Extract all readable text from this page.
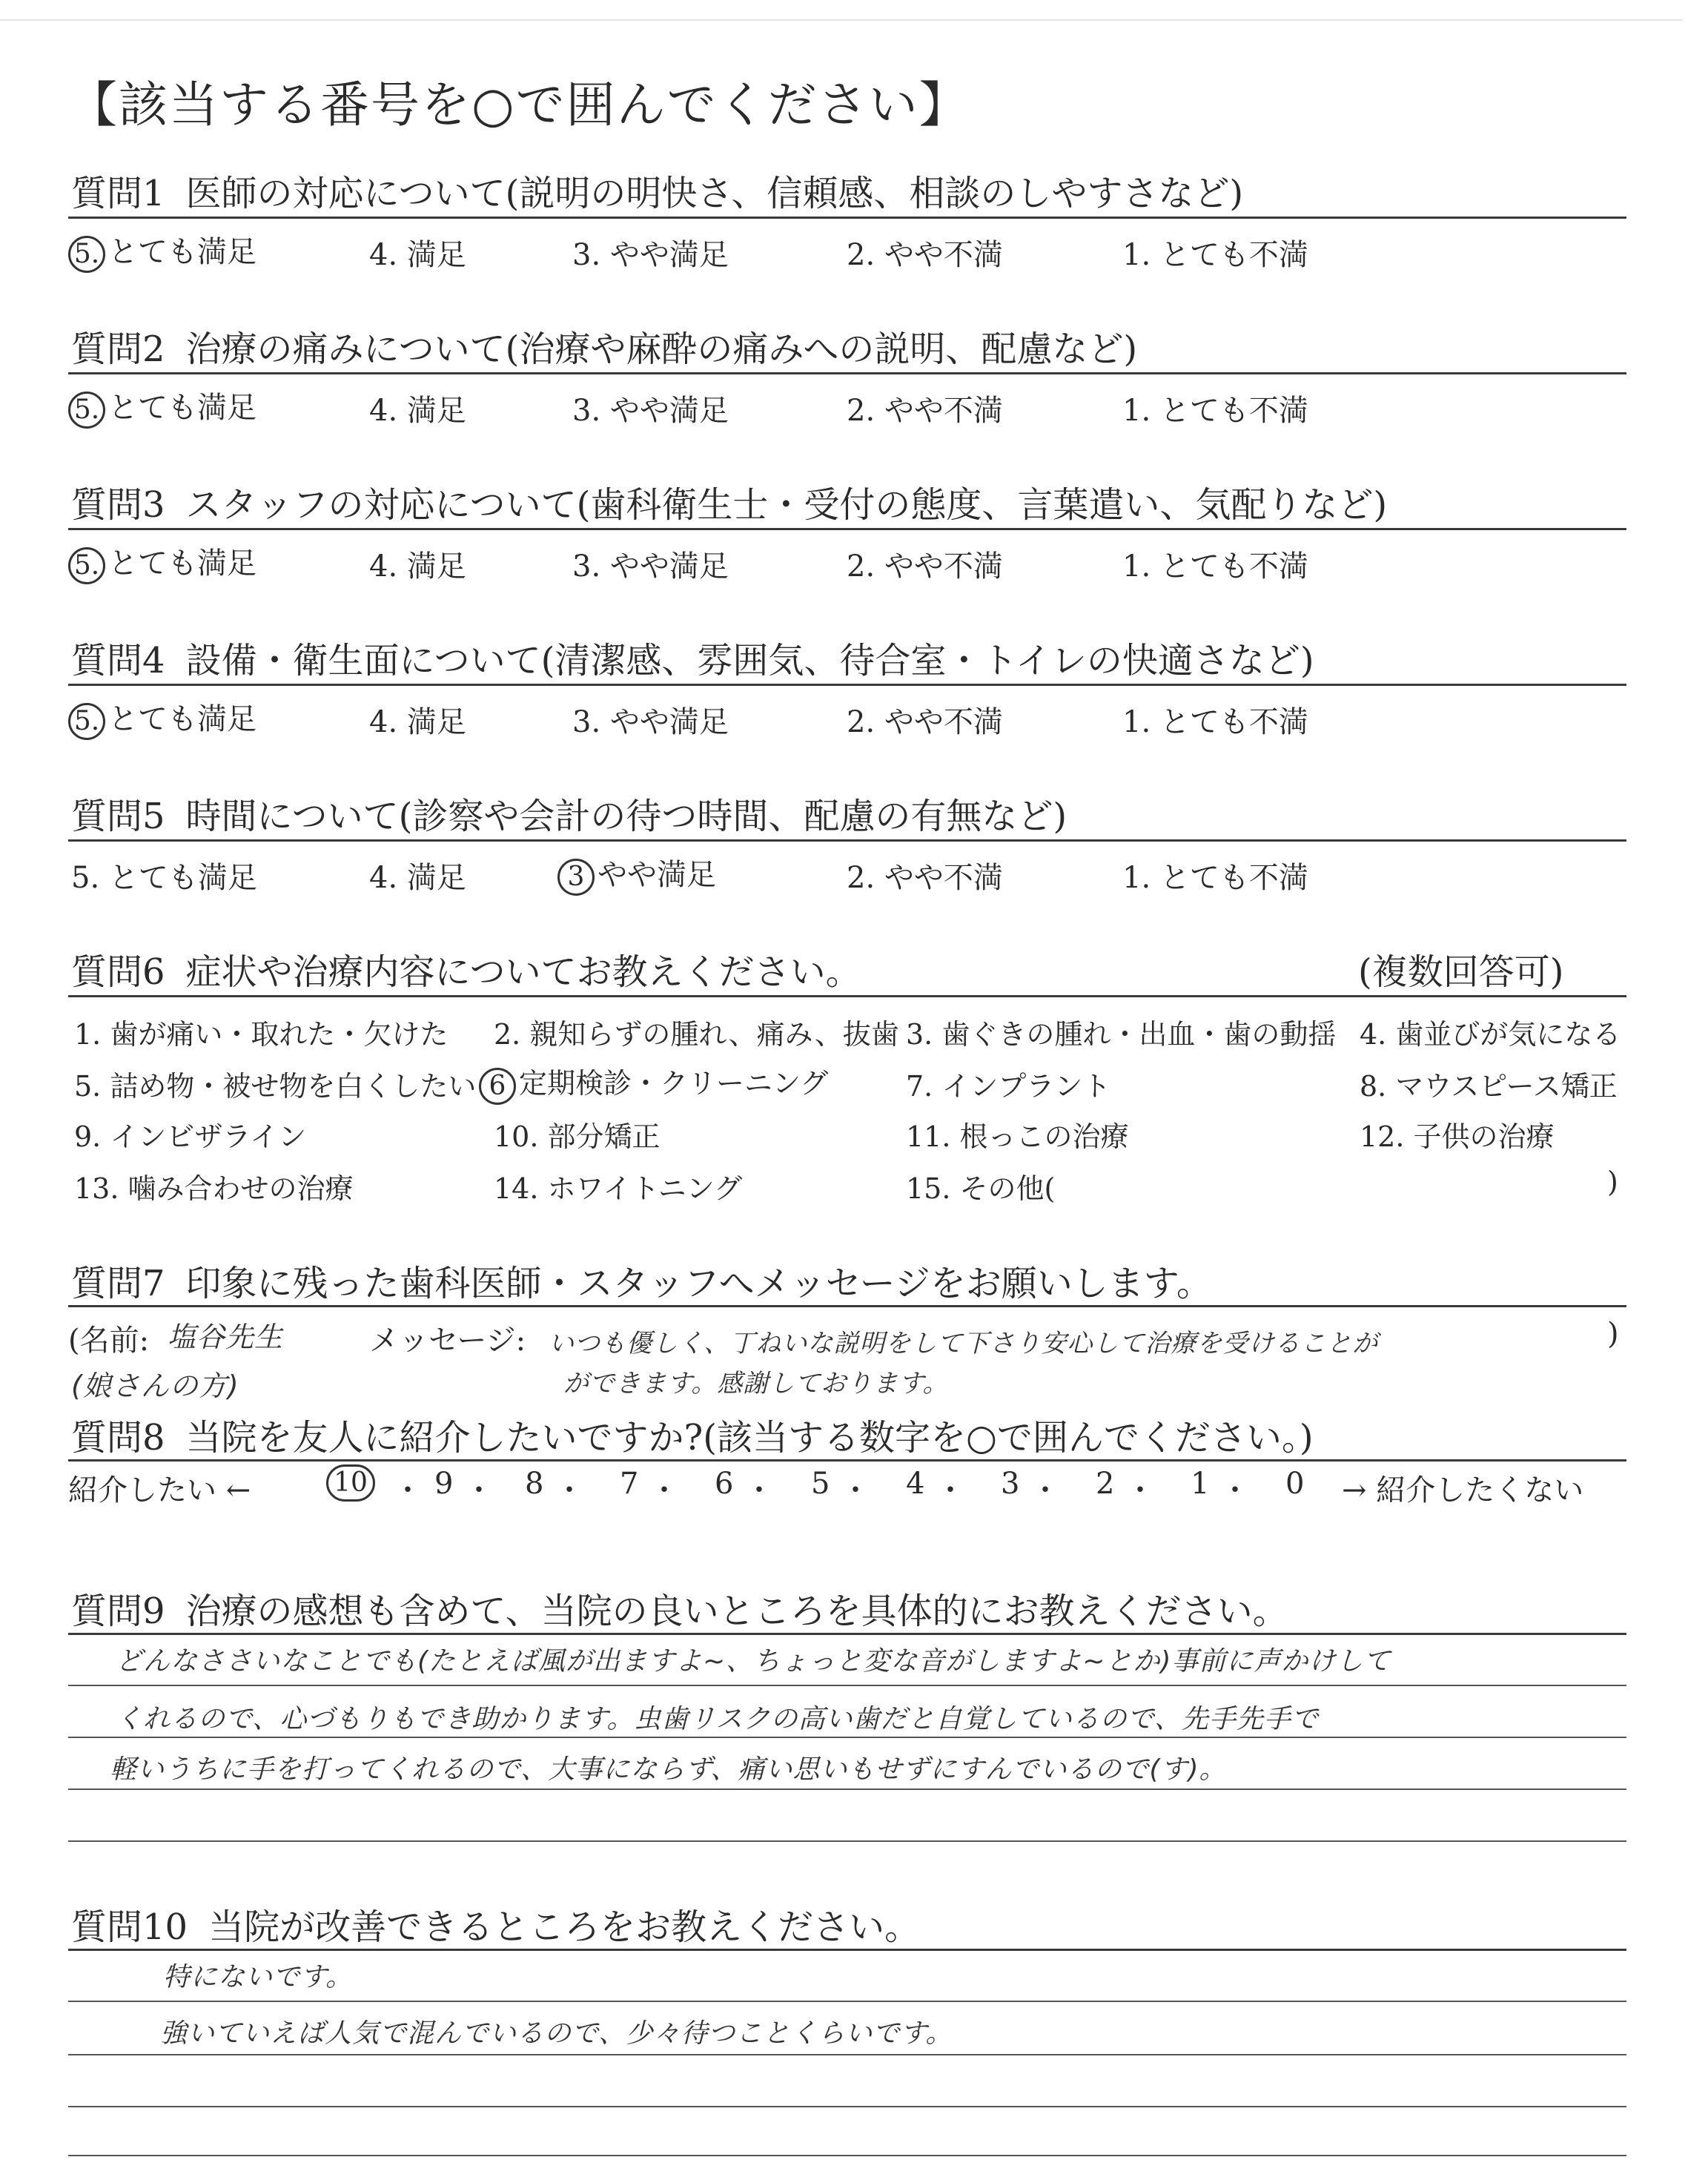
【該当する番号を○で囲んでください】
質問1 医師の対応について(説明の明快さ、信頼感、相談のしやすさなど)
5. とても満足	4. 満足	3. やや満足	2. やや不満	1. とても不満
質問2 治療の痛みについて(治療や麻酔の痛みへの説明、配慮など)
5. とても満足	4. 満足	3. やや満足	2. やや不満	1. とても不満
質問3 スタッフの対応について(歯科衛生士・受付の態度、言葉遣い、気配りなど)
5. とても満足	4. 満足	3. やや満足	2. やや不満	1. とても不満
質問4 設備・衛生面について(清潔感、雰囲気、待合室・トイレの快適さなど)
5. とても満足	4. 満足	3. やや満足	2. やや不満	1. とても不満
質問5 時間について(診察や会計の待つ時間、配慮の有無など)
5. とても満足	4. 満足	3 やや満足	2. やや不満	1. とても不満
質問6 症状や治療内容についてお教えください。	(複数回答可)
1. 歯が痛い・取れた・欠けた 2. 親知らずの腫れ、痛み、抜歯 3. 歯ぐきの腫れ・出血・歯の動揺 4. 歯並びが気になる
5. 詰め物・被せ物を白くしたい 6 定期検診・クリーニング	7. インプラント	8. マウスピース矯正
9. インビザライン	10. 部分矯正	11. 根っこの治療	12. 子供の治療
13. 噛み合わせの治療	14. ホワイトニング	15. その他(	)
質問7 印象に残った歯科医師・スタッフへメッセージをお願いします。
(名前: 塩谷先生
(娘さんの方)
メッセージ: いつも優しく、丁ねいな説明をして下さり安心して治療を受けることが
ができます。感謝しております。
)
質問8 当院を友人に紹介したいですか?(該当する数字を○で囲んでください。)
紹介したい ←	10 ・ 9 ・ 8 ・ 7 ・ 6 ・ 5 ・ 4 ・ 3 ・ 2 ・ 1 ・ 0 → 紹介したくない
質問9 治療の感想も含めて、当院の良いところを具体的にお教えください。
どんなささいなことでも(たとえば風が出ますよ~、ちょっと変な音がしますよ~とか)事前に声かけして
くれるので、心づもりもでき助かります。虫歯リスクの高い歯だと自覚しているので、先手先手で
軽いうちに手を打ってくれるので、大事にならず、痛い思いもせずにすんでいるので(す)。
質問10 当院が改善できるところをお教えください。
特にないです。
強いていえば人気で混んでいるので、少々待つことくらいです。
